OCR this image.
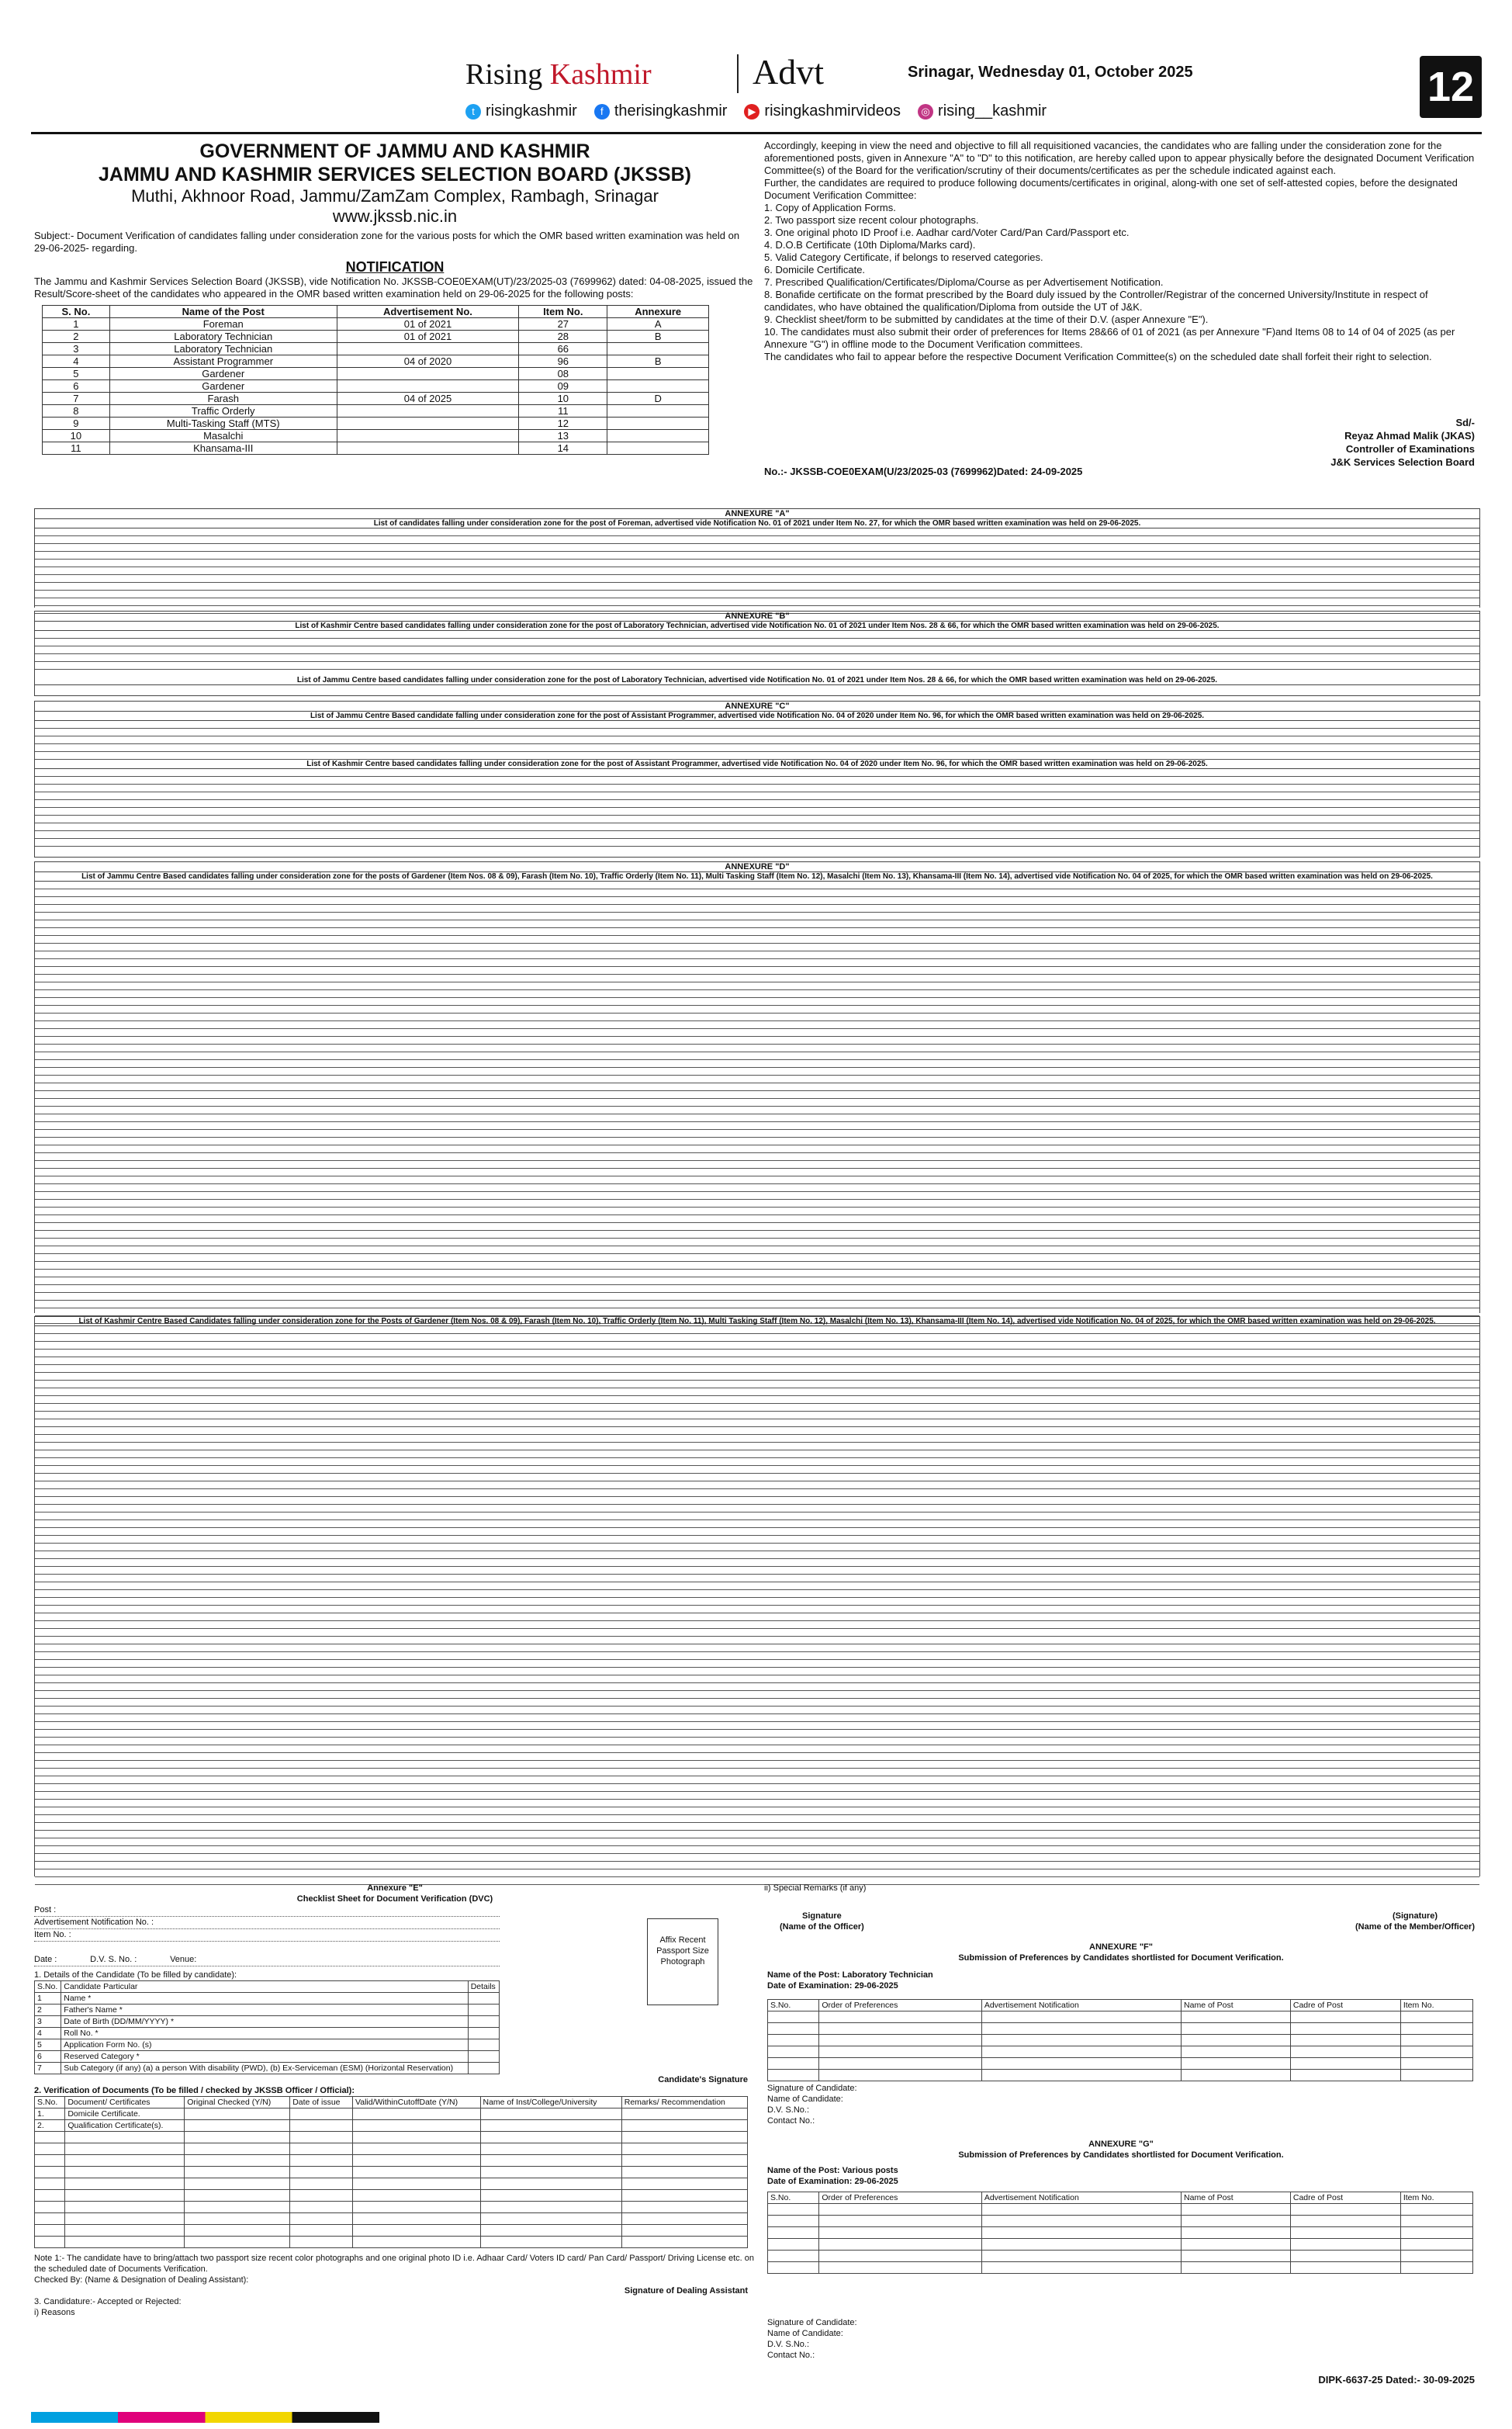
Rising Kashmir	Advt	Srinagar, Wednesday 01, October 2025	12
t risingkashmir	f therisingkashmir	▶ risingkashmirvideos	◎ rising__kashmir
GOVERNMENT OF JAMMU AND KASHMIR
JAMMU AND KASHMIR SERVICES SELECTION BOARD (JKSSB)
Muthi, Akhnoor Road, Jammu/ZamZam Complex, Rambagh, Srinagar
www.jkssb.nic.in
Subject:- Document Verification of candidates falling under consideration zone for the various posts for which the OMR based written examination was held on 29-06-2025- regarding.
NOTIFICATION
The Jammu and Kashmir Services Selection Board (JKSSB), vide Notification No. JKSSB-COE0EXAM(UT)/23/2025-03 (7699962) dated: 04-08-2025, issued the Result/Score-sheet of the candidates who appeared in the OMR based written examination held on 29-06-2025 for the following posts:
S. No.	Name of the Post	Advertisement No.	Item No.	Annexure
1	Foreman	01 of 2021	27	A
2	Laboratory Technician	01 of 2021	28	B
3	Laboratory Technician		66	
4	Assistant Programmer	04 of 2020	96	B
5	Gardener		08	
6	Gardener		09	
7	Farash	04 of 2025	10	D
8	Traffic Orderly		11	
9	Multi-Tasking Staff (MTS)		12	
10	Masalchi		13	
11	Khansama-III		14	
Accordingly, keeping in view the need and objective to fill all requisitioned vacancies, the candidates who are falling under the consideration zone for the aforementioned posts, given in Annexure "A" to "D" to this notification, are hereby called upon to appear physically before the designated Document Verification Committee(s) of the Board for the verification/scrutiny of their documents/certificates as per the schedule indicated against each.
Further, the candidates are required to produce following documents/certificates in original, along-with one set of self-attested copies, before the designated Document Verification Committee:
1. Copy of Application Forms.
2. Two passport size recent colour photographs.
3. One original photo ID Proof i.e. Aadhar card/Voter Card/Pan Card/Passport etc.
4. D.O.B Certificate (10th Diploma/Marks card).
5. Valid Category Certificate, if belongs to reserved categories.
6. Domicile Certificate.
7. Prescribed Qualification/Certificates/Diploma/Course as per Advertisement Notification.
8. Bonafide certificate on the format prescribed by the Board duly issued by the Controller/Registrar of the concerned University/Institute in respect of candidates, who have obtained the qualification/Diploma from outside the UT of J&K.
9. Checklist sheet/form to be submitted by candidates at the time of their D.V. (asper Annexure "E").
10. The candidates must also submit their order of preferences for Items 28&66 of 01 of 2021 (as per Annexure "F)and Items 08 to 14 of 04 of 2025 (as per Annexure "G") in offline mode to the Document Verification committees.
The candidates who fail to appear before the respective Document Verification Committee(s) on the scheduled date shall forfeit their right to selection.
Sd/-
Reyaz Ahmad Malik (JKAS)
Controller of Examinations
J&K Services Selection Board
No.:- JKSSB-COE0EXAM(U/23/2025-03 (7699962)Dated: 24-09-2025
ANNEXURE "A"
List of candidates falling under consideration zone for the post of Foreman, advertised vide Notification No. 01 of 2021 under Item No. 27, for which the OMR based written examination was held on 29-06-2025.
ANNEXURE "B"
List of Kashmir Centre based candidates falling under consideration zone for the post of Laboratory Technician, advertised vide Notification No. 01 of 2021 under Item Nos. 28 & 66, for which the OMR based written examination was held on 29-06-2025.
List of Jammu Centre based candidates falling under consideration zone for the post of Laboratory Technician, advertised vide Notification No. 01 of 2021 under Item Nos. 28 & 66, for which the OMR based written examination was held on 29-06-2025.
ANNEXURE "C"
List of Jammu Centre Based candidate falling under consideration zone for the post of Assistant Programmer, advertised vide Notification No. 04 of 2020 under Item No. 96, for which the OMR based written examination was held on 29-06-2025.
List of Kashmir Centre based candidates falling under consideration zone for the post of Assistant Programmer, advertised vide Notification No. 04 of 2020 under Item No. 96, for which the OMR based written examination was held on 29-06-2025.
ANNEXURE "D"
List of Jammu Centre Based candidates falling under consideration zone for the posts of Gardener (Item Nos. 08 & 09), Farash (Item No. 10), Traffic Orderly (Item No. 11), Multi Tasking Staff (Item No. 12), Masalchi (Item No. 13), Khansama-III (Item No. 14), advertised vide Notification No. 04 of 2025, for which the OMR based written examination was held on 29-06-2025.
List of Kashmir Centre Based Candidates falling under consideration zone for the Posts of Gardener (Item Nos. 08 & 09), Farash (Item No. 10), Traffic Orderly (Item No. 11), Multi Tasking Staff (Item No. 12), Masalchi (Item No. 13), Khansama-III (Item No. 14), advertised vide Notification No. 04 of 2025, for which the OMR based written examination was held on 29-06-2025.
Annexure "E"
Checklist Sheet for Document Verification (DVC)
Post :
Advertisement Notification No. :
Item No. :
Date :	D.V. S. No. :	Venue:
Affix Recent Passport Size Photograph
1. Details of the Candidate (To be filled by candidate):
S.No.	Candidate Particular	Details
1	Name *	
2	Father's Name *	
3	Date of Birth (DD/MM/YYYY) *	
4	Roll No. *	
5	Application Form No. (s)	
6	Reserved Category *	
7	Sub Category (if any) (a) a person With disability (PWD), (b) Ex-Serviceman (ESM) (Horizontal Reservation)	
Candidate's Signature
2. Verification of Documents (To be filled / checked by JKSSB Officer / Official):
S.No.	Document/ Certificates	Original Checked (Y/N)	Date of issue	Valid/WithinCutoffDate (Y/N)	Name of Inst/College/University	Remarks/ Recommendation
1.	Domicile Certificate.					
2.	Qualification Certificate(s).					

Note 1:- The candidate have to bring/attach two passport size recent color photographs and one original photo ID i.e. Adhaar Card/ Voters ID card/ Pan Card/ Passport/ Driving License etc. on the scheduled date of Documents Verification.
Checked By: (Name & Designation of Dealing Assistant):
Signature of Dealing Assistant
3. Candidature:- Accepted or Rejected:
i) Reasons
ii) Special Remarks (if any)
Signature
(Name of the Officer)
(Signature)
(Name of the Member/Officer)
ANNEXURE "F"
Submission of Preferences by Candidates shortlisted for Document Verification.
Name of the Post: Laboratory Technician
Date of Examination: 29-06-2025
S.No.	Order of Preferences	Advertisement Notification	Name of Post	Cadre of Post	Item No.

Signature of Candidate:
Name of Candidate:
D.V. S.No.:
Contact No.:
ANNEXURE "G"
Submission of Preferences by Candidates shortlisted for Document Verification.
Name of the Post: Various posts
Date of Examination: 29-06-2025
S.No.	Order of Preferences	Advertisement Notification	Name of Post	Cadre of Post	Item No.

Signature of Candidate:
Name of Candidate:
D.V. S.No.:
Contact No.:
DIPK-6637-25 Dated:- 30-09-2025
